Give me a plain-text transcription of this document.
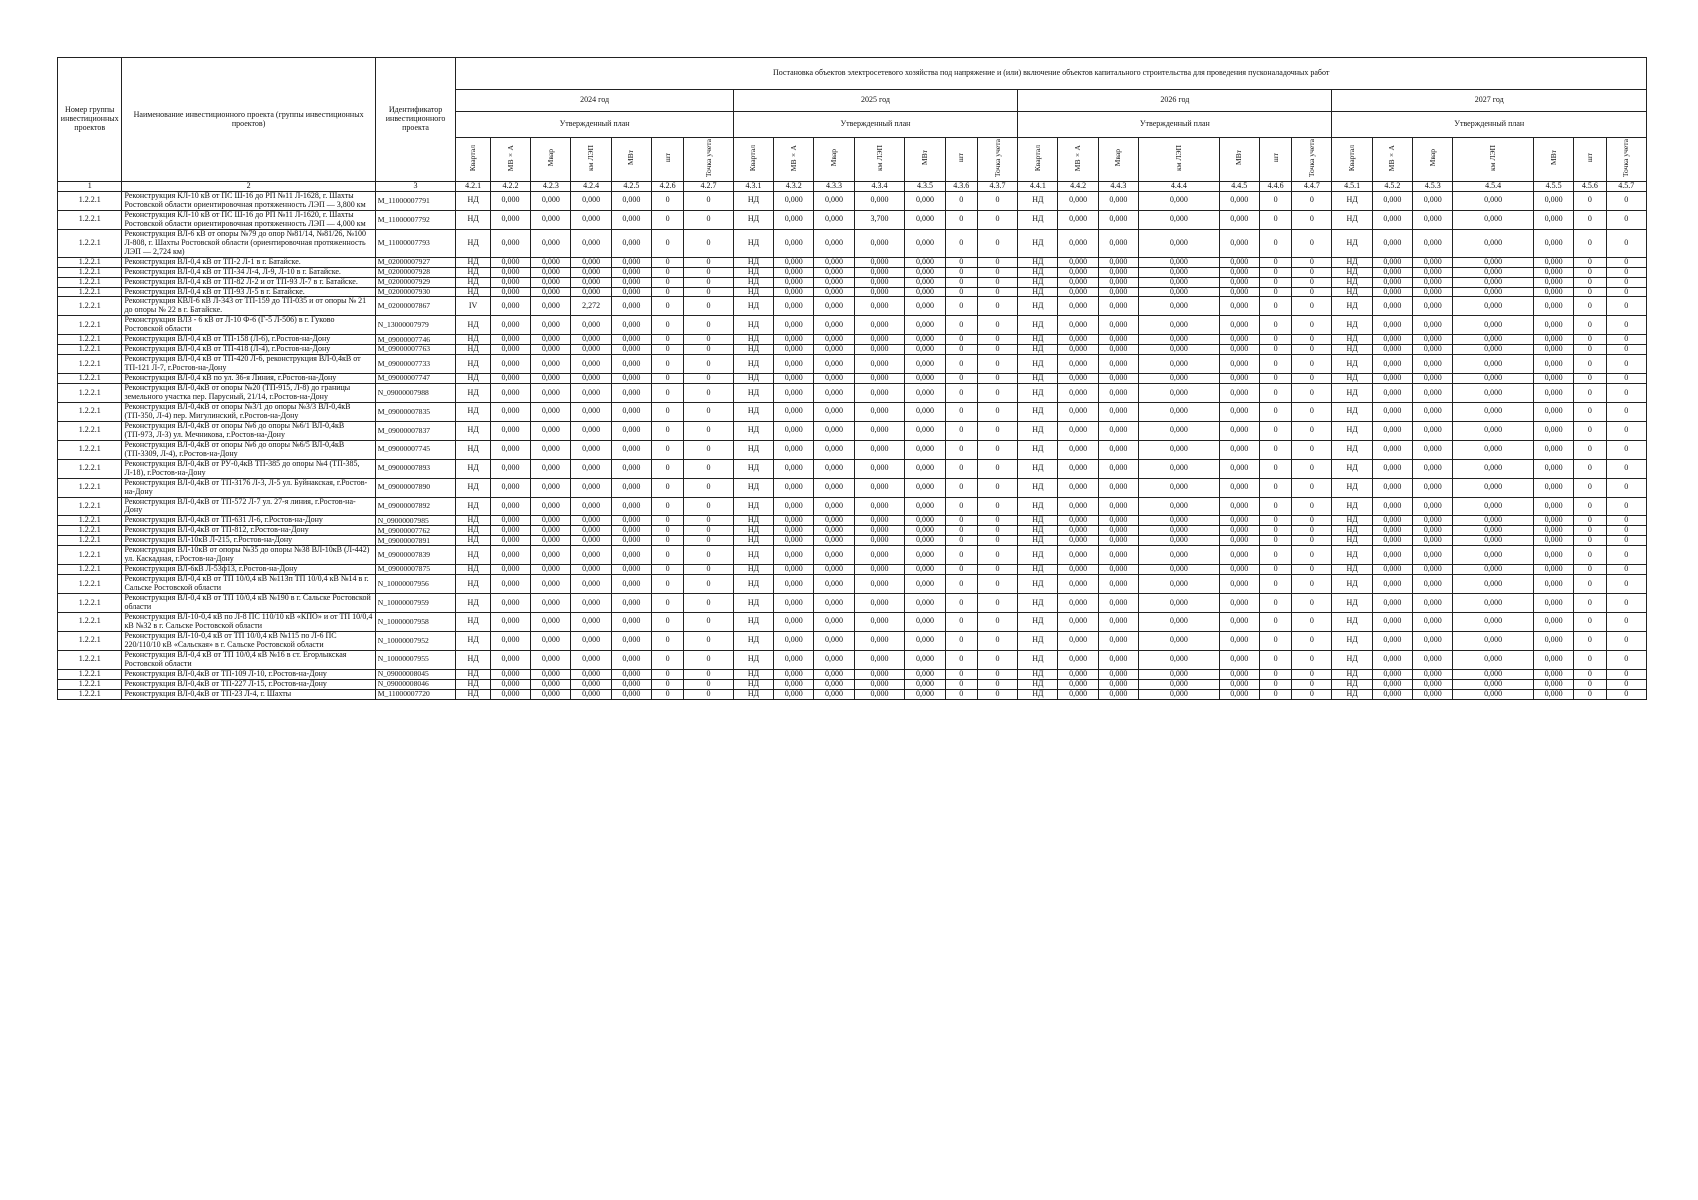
Номер группы инвестиционных проектов	Наименование инвестиционного проекта (группы инвестиционных проектов)	Идентификатор инвестиционного проекта	Постановка объектов электросетевого хозяйства под напряжение и (или) включение объектов капитального строительства для проведения пусконаладочных работ																											
			2024 год							2025 год							2026 год							2027 год						
			Утвержденный план							Утвержденный план							Утвержденный план							Утвержденный план						
			Квартал	МВ×А	Мвар	км ЛЭП	МВт	шт	Точка учета	Квартал	МВ×А	Мвар	км ЛЭП	МВт	шт	Точка учета	Квартал	МВ×А	Мвар	км ЛЭП	МВт	шт	Точка учета	Квартал	МВ×А	Мвар	км ЛЭП	МВт	шт	Точка учета
1	2	3	4.2.1	4.2.2	4.2.3	4.2.4	4.2.5	4.2.6	4.2.7	4.3.1	4.3.2	4.3.3	4.3.4	4.3.5	4.3.6	4.3.7	4.4.1	4.4.2	4.4.3	4.4.4	4.4.5	4.4.6	4.4.7	4.5.1	4.5.2	4.5.3	4.5.4	4.5.5	4.5.6	4.5.7
1.2.2.1	Реконструкция КЛ-10 кВ от ПС Ш-16 до РП №11 Л-1628, г. Шахты Ростовской области ориентировочная протяженность ЛЭП — 3,800 км	M_11000007791	НД	0,000	0,000	0,000	0,000	0	0	НД	0,000	0,000	0,000	0,000	0	0	НД	0,000	0,000	0,000	0,000	0	0	НД	0,000	0,000	0,000	0,000	0	0
1.2.2.1	Реконструкция КЛ-10 кВ от ПС Ш-16 до РП №11 Л-1620, г. Шахты Ростовской области ориентировочная протяженность ЛЭП — 4,000 км	M_11000007792	НД	0,000	0,000	0,000	0,000	0	0	НД	0,000	0,000	3,700	0,000	0	0	НД	0,000	0,000	0,000	0,000	0	0	НД	0,000	0,000	0,000	0,000	0	0
1.2.2.1	Реконструкция ВЛ-6 кВ от опоры №79 до опор №81/14, №81/26, №100 Л-808, г. Шахты Ростовской области (ориентировочная протяженность ЛЭП — 2,724 км)	M_11000007793	НД	0,000	0,000	0,000	0,000	0	0	НД	0,000	0,000	0,000	0,000	0	0	НД	0,000	0,000	0,000	0,000	0	0	НД	0,000	0,000	0,000	0,000	0	0
1.2.2.1	Реконструкция ВЛ-0,4 кВ от ТП-2 Л-1 в г. Батайске.	M_02000007927	НД	0,000	0,000	0,000	0,000	0	0	НД	0,000	0,000	0,000	0,000	0	0	НД	0,000	0,000	0,000	0,000	0	0	НД	0,000	0,000	0,000	0,000	0	0
1.2.2.1	Реконструкция ВЛ-0,4 кВ от ТП-34 Л-4, Л-9, Л-10 в г. Батайске.	M_02000007928	НД	0,000	0,000	0,000	0,000	0	0	НД	0,000	0,000	0,000	0,000	0	0	НД	0,000	0,000	0,000	0,000	0	0	НД	0,000	0,000	0,000	0,000	0	0
1.2.2.1	Реконструкция ВЛ-0,4 кВ от ТП-82 Л-2 и от ТП-93 Л-7 в г. Батайске.	M_02000007929	НД	0,000	0,000	0,000	0,000	0	0	НД	0,000	0,000	0,000	0,000	0	0	НД	0,000	0,000	0,000	0,000	0	0	НД	0,000	0,000	0,000	0,000	0	0
1.2.2.1	Реконструкция ВЛ-0,4 кВ от ТП-93 Л-5 в г. Батайске.	M_02000007930	НД	0,000	0,000	0,000	0,000	0	0	НД	0,000	0,000	0,000	0,000	0	0	НД	0,000	0,000	0,000	0,000	0	0	НД	0,000	0,000	0,000	0,000	0	0
1.2.2.1	Реконструкция КВЛ-6 кВ Л-343 от ТП-159 до ТП-035 и от опоры № 21 до опоры № 22 в г. Батайске.	M_02000007867	IV	0,000	0,000	2,272	0,000	0	0	НД	0,000	0,000	0,000	0,000	0	0	НД	0,000	0,000	0,000	0,000	0	0	НД	0,000	0,000	0,000	0,000	0	0
1.2.2.1	Реконструкция ВЛЗ - 6 кВ от Л-10 Ф-6 (Г-5 Л-506) в г. Гуково Ростовской области	N_13000007979	НД	0,000	0,000	0,000	0,000	0	0	НД	0,000	0,000	0,000	0,000	0	0	НД	0,000	0,000	0,000	0,000	0	0	НД	0,000	0,000	0,000	0,000	0	0
1.2.2.1	Реконструкция ВЛ-0,4 кВ от ТП-158 (Л-6), г.Ростов-на-Дону	M_09000007746	НД	0,000	0,000	0,000	0,000	0	0	НД	0,000	0,000	0,000	0,000	0	0	НД	0,000	0,000	0,000	0,000	0	0	НД	0,000	0,000	0,000	0,000	0	0
1.2.2.1	Реконструкция ВЛ-0,4 кВ от ТП-418 (Л-4), г.Ростов-на-Дону	M_09000007763	НД	0,000	0,000	0,000	0,000	0	0	НД	0,000	0,000	0,000	0,000	0	0	НД	0,000	0,000	0,000	0,000	0	0	НД	0,000	0,000	0,000	0,000	0	0
1.2.2.1	Реконструкция ВЛ-0,4 кВ от ТП-420 Л-6, реконструкция ВЛ-0,4кВ от ТП-121 Л-7, г.Ростов-на-Дону	M_09000007733	НД	0,000	0,000	0,000	0,000	0	0	НД	0,000	0,000	0,000	0,000	0	0	НД	0,000	0,000	0,000	0,000	0	0	НД	0,000	0,000	0,000	0,000	0	0
1.2.2.1	Реконструкция ВЛ-0,4 кВ по ул. 36-я Линия, г.Ростов-на-Дону	M_09000007747	НД	0,000	0,000	0,000	0,000	0	0	НД	0,000	0,000	0,000	0,000	0	0	НД	0,000	0,000	0,000	0,000	0	0	НД	0,000	0,000	0,000	0,000	0	0
1.2.2.1	Реконструкция ВЛ-0,4кВ от опоры №20 (ТП-915, Л-8) до границы земельного участка пер. Парусный, 21/14, г.Ростов-на-Дону	N_09000007988	НД	0,000	0,000	0,000	0,000	0	0	НД	0,000	0,000	0,000	0,000	0	0	НД	0,000	0,000	0,000	0,000	0	0	НД	0,000	0,000	0,000	0,000	0	0
1.2.2.1	Реконструкция ВЛ-0,4кВ от опоры №3/1 до опоры №3/3 ВЛ-0,4кВ (ТП-350, Л-4) пер. Мигулинский, г.Ростов-на-Дону	M_09000007835	НД	0,000	0,000	0,000	0,000	0	0	НД	0,000	0,000	0,000	0,000	0	0	НД	0,000	0,000	0,000	0,000	0	0	НД	0,000	0,000	0,000	0,000	0	0
1.2.2.1	Реконструкция ВЛ-0,4кВ от опоры №6 до опоры №6/1 ВЛ-0,4кВ (ТП-973, Л-3) ул. Мечникова, г.Ростов-на-Дону	M_09000007837	НД	0,000	0,000	0,000	0,000	0	0	НД	0,000	0,000	0,000	0,000	0	0	НД	0,000	0,000	0,000	0,000	0	0	НД	0,000	0,000	0,000	0,000	0	0
1.2.2.1	Реконструкция ВЛ-0,4кВ от опоры №6 до опоры №6/5 ВЛ-0,4кВ (ТП-3309, Л-4), г.Ростов-на-Дону	M_09000007745	НД	0,000	0,000	0,000	0,000	0	0	НД	0,000	0,000	0,000	0,000	0	0	НД	0,000	0,000	0,000	0,000	0	0	НД	0,000	0,000	0,000	0,000	0	0
1.2.2.1	Реконструкция ВЛ-0,4кВ от РУ-0,4кВ ТП-385 до опоры №4 (ТП-385, Л-18), г.Ростов-на-Дону	M_09000007893	НД	0,000	0,000	0,000	0,000	0	0	НД	0,000	0,000	0,000	0,000	0	0	НД	0,000	0,000	0,000	0,000	0	0	НД	0,000	0,000	0,000	0,000	0	0
1.2.2.1	Реконструкция ВЛ-0,4кВ от ТП-3176 Л-3, Л-5 ул. Буйнакская, г.Ростов-на-Дону	M_09000007890	НД	0,000	0,000	0,000	0,000	0	0	НД	0,000	0,000	0,000	0,000	0	0	НД	0,000	0,000	0,000	0,000	0	0	НД	0,000	0,000	0,000	0,000	0	0
1.2.2.1	Реконструкция ВЛ-0,4кВ от ТП-572 Л-7 ул. 27-я линия, г.Ростов-на-Дону	M_09000007892	НД	0,000	0,000	0,000	0,000	0	0	НД	0,000	0,000	0,000	0,000	0	0	НД	0,000	0,000	0,000	0,000	0	0	НД	0,000	0,000	0,000	0,000	0	0
1.2.2.1	Реконструкция ВЛ-0,4кВ от ТП-631 Л-6, г.Ростов-на-Дону	N_09000007985	НД	0,000	0,000	0,000	0,000	0	0	НД	0,000	0,000	0,000	0,000	0	0	НД	0,000	0,000	0,000	0,000	0	0	НД	0,000	0,000	0,000	0,000	0	0
1.2.2.1	Реконструкция ВЛ-0,4кВ от ТП-812, г.Ростов-на-Дону	M_09000007762	НД	0,000	0,000	0,000	0,000	0	0	НД	0,000	0,000	0,000	0,000	0	0	НД	0,000	0,000	0,000	0,000	0	0	НД	0,000	0,000	0,000	0,000	0	0
1.2.2.1	Реконструкция ВЛ-10кВ Л-215, г.Ростов-на-Дону	M_09000007891	НД	0,000	0,000	0,000	0,000	0	0	НД	0,000	0,000	0,000	0,000	0	0	НД	0,000	0,000	0,000	0,000	0	0	НД	0,000	0,000	0,000	0,000	0	0
1.2.2.1	Реконструкция ВЛ-10кВ от опоры №35 до опоры №38 ВЛ-10кВ (Л-442) ул. Каскадная, г.Ростов-на-Дону	M_09000007839	НД	0,000	0,000	0,000	0,000	0	0	НД	0,000	0,000	0,000	0,000	0	0	НД	0,000	0,000	0,000	0,000	0	0	НД	0,000	0,000	0,000	0,000	0	0
1.2.2.1	Реконструкция ВЛ-6кВ Л-53ф13, г.Ростов-на-Дону	M_09000007875	НД	0,000	0,000	0,000	0,000	0	0	НД	0,000	0,000	0,000	0,000	0	0	НД	0,000	0,000	0,000	0,000	0	0	НД	0,000	0,000	0,000	0,000	0	0
1.2.2.1	Реконструкция ВЛ-0,4 кВ от ТП 10/0,4 кВ №113п ТП 10/0,4 кВ №14 в г. Сальске Ростовской области	N_10000007956	НД	0,000	0,000	0,000	0,000	0	0	НД	0,000	0,000	0,000	0,000	0	0	НД	0,000	0,000	0,000	0,000	0	0	НД	0,000	0,000	0,000	0,000	0	0
1.2.2.1	Реконструкция ВЛ-0,4 кВ от ТП 10/0,4 кВ №190 в г. Сальске Ростовской области	N_10000007959	НД	0,000	0,000	0,000	0,000	0	0	НД	0,000	0,000	0,000	0,000	0	0	НД	0,000	0,000	0,000	0,000	0	0	НД	0,000	0,000	0,000	0,000	0	0
1.2.2.1	Реконструкция ВЛ-10-0,4 кВ по Л-8 ПС 110/10 кВ «КПО» и от ТП 10/0,4 кВ №32 в г. Сальске Ростовской области	N_10000007958	НД	0,000	0,000	0,000	0,000	0	0	НД	0,000	0,000	0,000	0,000	0	0	НД	0,000	0,000	0,000	0,000	0	0	НД	0,000	0,000	0,000	0,000	0	0
1.2.2.1	Реконструкция ВЛ-10-0,4 кВ от ТП 10/0,4 кВ №115 по Л-6 ПС 220/110/10 кВ «Сальская» в г. Сальске Ростовской области	N_10000007952	НД	0,000	0,000	0,000	0,000	0	0	НД	0,000	0,000	0,000	0,000	0	0	НД	0,000	0,000	0,000	0,000	0	0	НД	0,000	0,000	0,000	0,000	0	0
1.2.2.1	Реконструкция ВЛ-0,4 кВ от ТП 10/0,4 кВ №16 в ст. Егорлыкская Ростовской области	N_10000007955	НД	0,000	0,000	0,000	0,000	0	0	НД	0,000	0,000	0,000	0,000	0	0	НД	0,000	0,000	0,000	0,000	0	0	НД	0,000	0,000	0,000	0,000	0	0
1.2.2.1	Реконструкция ВЛ-0,4кВ от ТП-109 Л-10, г.Ростов-на-Дону	N_09000008045	НД	0,000	0,000	0,000	0,000	0	0	НД	0,000	0,000	0,000	0,000	0	0	НД	0,000	0,000	0,000	0,000	0	0	НД	0,000	0,000	0,000	0,000	0	0
1.2.2.1	Реконструкция ВЛ-0,4кВ от ТП-227 Л-15, г.Ростов-на-Дону	N_09000008046	НД	0,000	0,000	0,000	0,000	0	0	НД	0,000	0,000	0,000	0,000	0	0	НД	0,000	0,000	0,000	0,000	0	0	НД	0,000	0,000	0,000	0,000	0	0
1.2.2.1	Реконструкция ВЛ-0,4кВ от ТП-23 Л-4, г. Шахты	M_11000007720	НД	0,000	0,000	0,000	0,000	0	0	НД	0,000	0,000	0,000	0,000	0	0	НД	0,000	0,000	0,000	0,000	0	0	НД	0,000	0,000	0,000	0,000	0	0
